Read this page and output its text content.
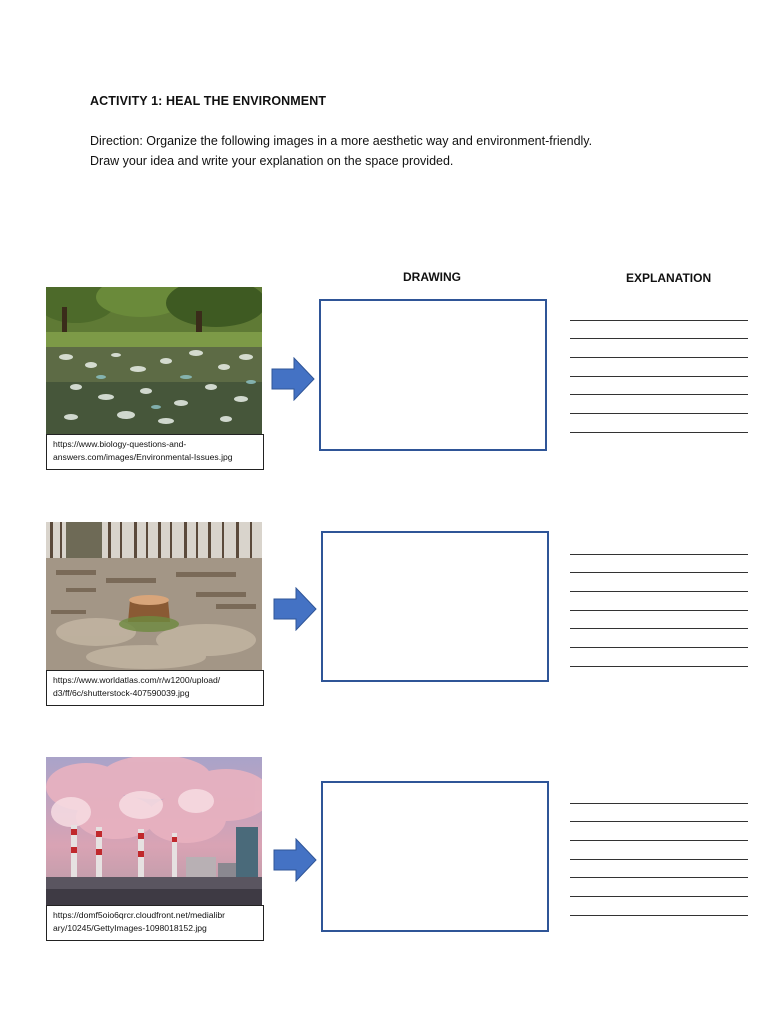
ACTIVITY 1: HEAL THE ENVIRONMENT
Direction: Organize the following images in a more aesthetic way and environment-friendly.
Draw your idea and write your explanation on the space provided.
DRAWING	EXPLANATION
https://www.biology-questions-and-
answers.com/images/Environmental-Issues.jpg
https://www.worldatlas.com/r/w1200/upload/
d3/ff/6c/shutterstock-407590039.jpg
https://domf5oio6qrcr.cloudfront.net/medialibr
ary/10245/GettyImages-1098018152.jpg
